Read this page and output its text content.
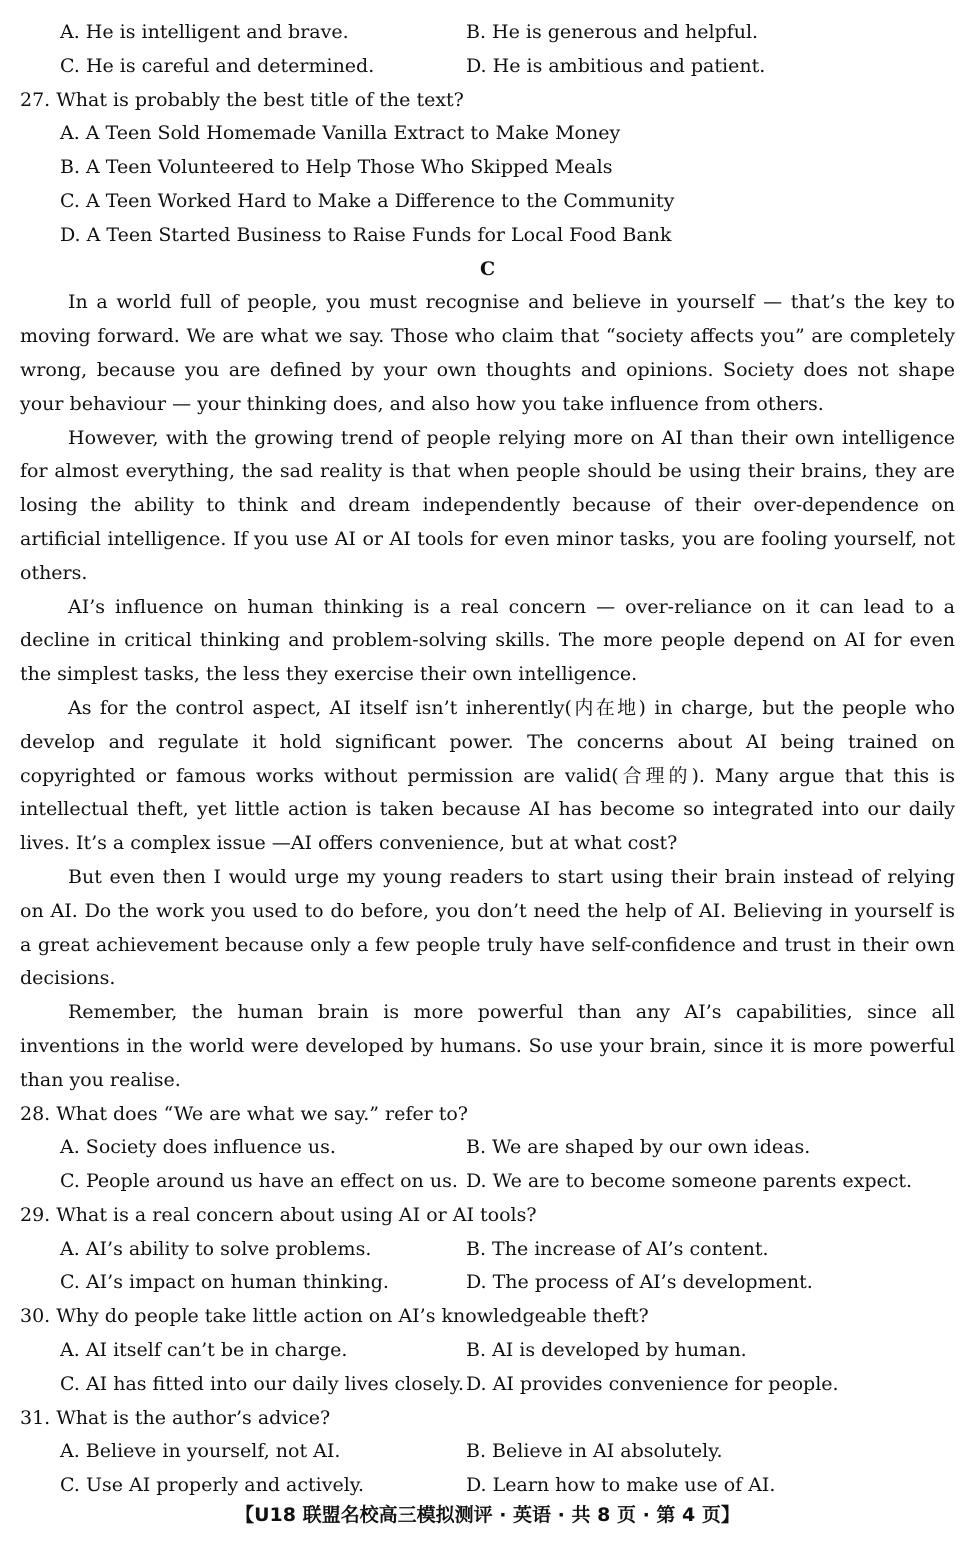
A. He is intelligent and brave.	B. He is generous and helpful.
C. He is careful and determined.	D. He is ambitious and patient.
27. What is probably the best title of the text?
A. A Teen Sold Homemade Vanilla Extract to Make Money
B. A Teen Volunteered to Help Those Who Skipped Meals
C. A Teen Worked Hard to Make a Difference to the Community
D. A Teen Started Business to Raise Funds for Local Food Bank
C

In a world full of people, you must recognise and believe in yourself — that’s the key to moving forward. We are what we say. Those who claim that “society affects you” are completely wrong, because you are defined by your own thoughts and opinions. Society does not shape your behaviour — your thinking does, and also how you take influence from others.

However, with the growing trend of people relying more on AI than their own intelligence for almost everything, the sad reality is that when people should be using their brains, they are losing the ability to think and dream independently because of their over-dependence on artificial intelligence. If you use AI or AI tools for even minor tasks, you are fooling yourself, not others.

AI’s influence on human thinking is a real concern — over-reliance on it can lead to a decline in critical thinking and problem-solving skills. The more people depend on AI for even the simplest tasks, the less they exercise their own intelligence.

As for the control aspect, AI itself isn’t inherently(内在地) in charge, but the people who develop and regulate it hold significant power. The concerns about AI being trained on copyrighted or famous works without permission are valid(合理的). Many argue that this is intellectual theft, yet little action is taken because AI has become so integrated into our daily lives. It’s a complex issue —AI offers convenience, but at what cost?

But even then I would urge my young readers to start using their brain instead of relying on AI. Do the work you used to do before, you don’t need the help of AI. Believing in yourself is a great achievement because only a few people truly have self-confidence and trust in their own decisions.

Remember, the human brain is more powerful than any AI’s capabilities, since all inventions in the world were developed by humans. So use your brain, since it is more powerful than you realise.

28. What does “We are what we say.” refer to?
A. Society does influence us.	B. We are shaped by our own ideas.
C. People around us have an effect on us. D. We are to become someone parents expect.
29. What is a real concern about using AI or AI tools?
A. AI’s ability to solve problems.	B. The increase of AI’s content.
C. AI’s impact on human thinking.	D. The process of AI’s development.
30. Why do people take little action on AI’s knowledgeable theft?
A. AI itself can’t be in charge.	B. AI is developed by human.
C. AI has fitted into our daily lives closely. D. AI provides convenience for people.
31. What is the author’s advice?
A. Believe in yourself, not AI.	B. Believe in AI absolutely.
C. Use AI properly and actively.	D. Learn how to make use of AI.
【U18 联盟名校高三模拟测评 · 英语 · 共 8 页 · 第 4 页】
